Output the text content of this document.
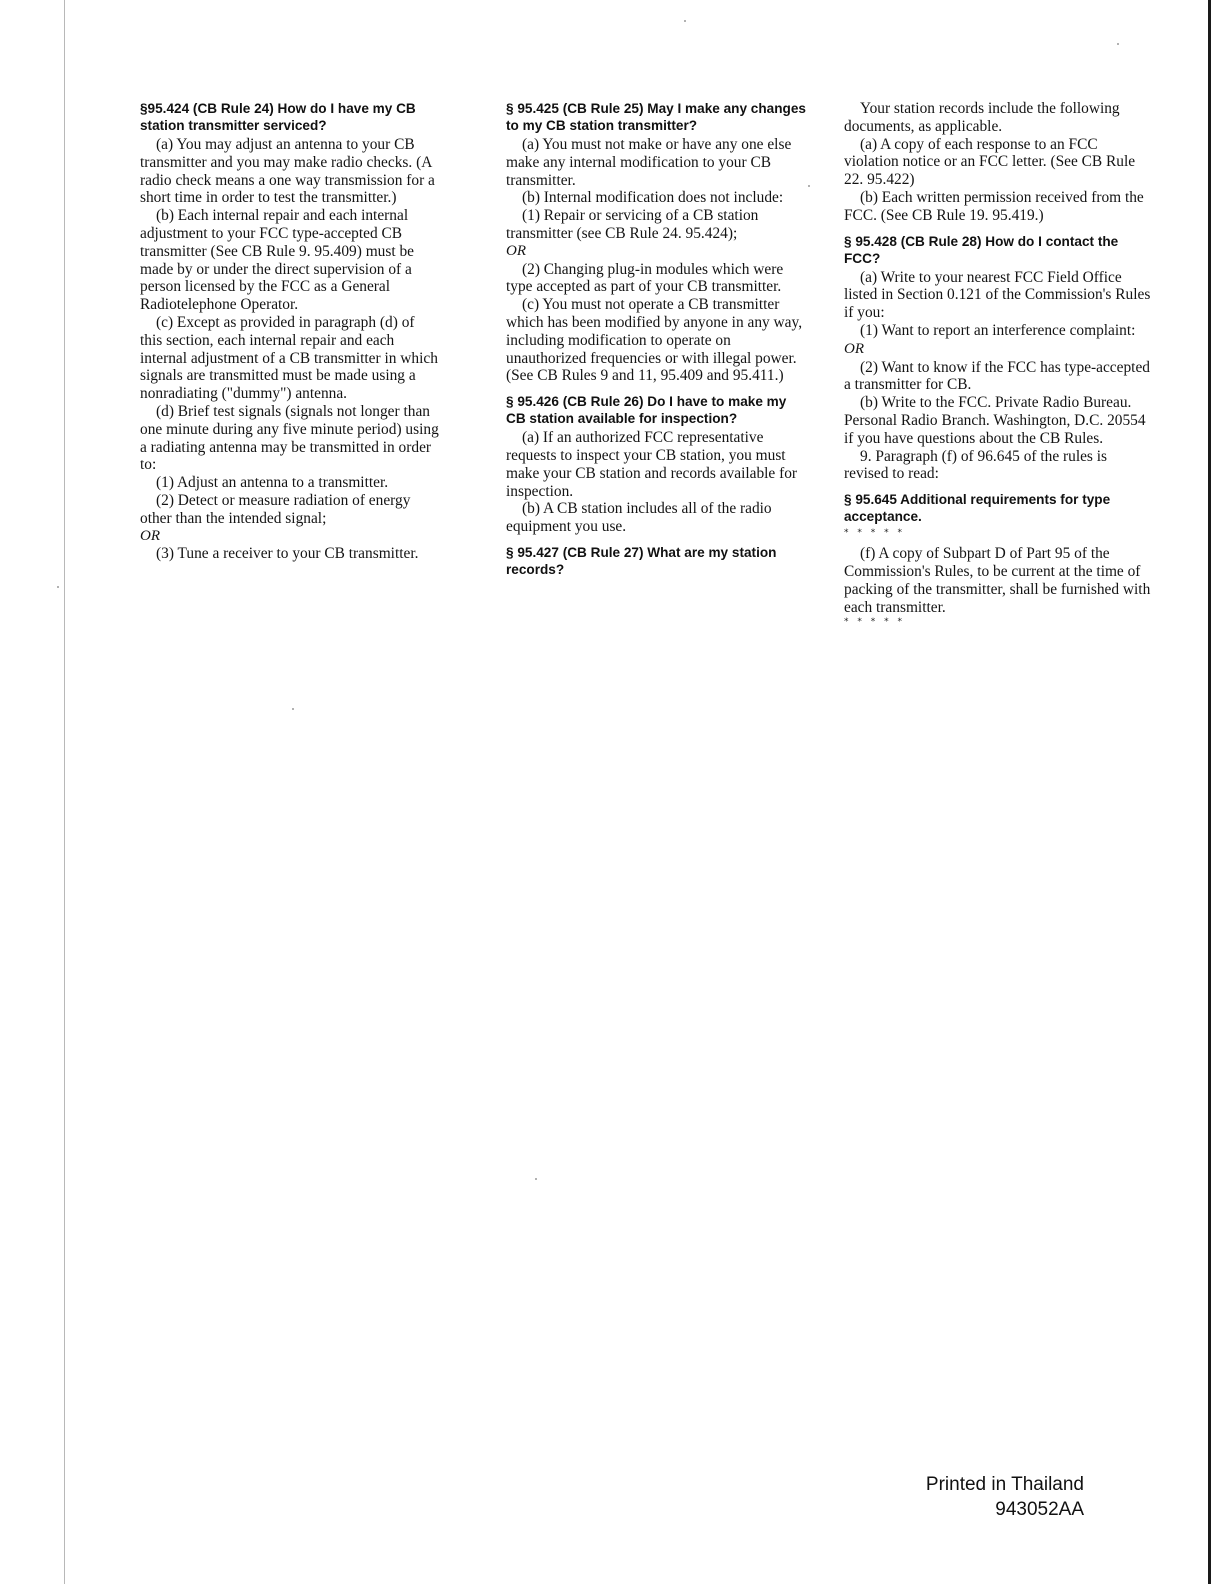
§95.424 (CB Rule 24) How do I have my CB station transmitter serviced?

(a) You may adjust an antenna to your CB transmitter and you may make radio checks. (A radio check means a one way transmission for a short time in order to test the transmitter.)

(b) Each internal repair and each internal adjustment to your FCC type-accepted CB transmitter (See CB Rule 9. 95.409) must be made by or under the direct supervision of a person licensed by the FCC as a General Radiotelephone Operator.

(c) Except as provided in paragraph (d) of this section, each internal repair and each internal adjustment of a CB transmitter in which signals are transmitted must be made using a nonradiating ("dummy") antenna.

(d) Brief test signals (signals not longer than one minute during any five minute period) using a radiating antenna may be transmitted in order to:

(1) Adjust an antenna to a transmitter.

(2) Detect or measure radiation of energy other than the intended signal;

OR

(3) Tune a receiver to your CB transmitter.

§ 95.425 (CB Rule 25) May I make any changes to my CB station transmitter?

(a) You must not make or have any one else make any internal modification to your CB transmitter.

(b) Internal modification does not include:

(1) Repair or servicing of a CB station transmitter (see CB Rule 24. 95.424);

OR

(2) Changing plug-in modules which were type accepted as part of your CB transmitter.

(c) You must not operate a CB transmitter which has been modified by anyone in any way, including modification to operate on unauthorized frequencies or with illegal power. (See CB Rules 9 and 11, 95.409 and 95.411.)

§ 95.426 (CB Rule 26) Do I have to make my CB station available for inspection?

(a) If an authorized FCC representative requests to inspect your CB station, you must make your CB station and records available for inspection.

(b) A CB station includes all of the radio equipment you use.

§ 95.427 (CB Rule 27) What are my station records?

Your station records include the following documents, as applicable.

(a) A copy of each response to an FCC violation notice or an FCC letter. (See CB Rule 22. 95.422)

(b) Each written permission received from the FCC. (See CB Rule 19. 95.419.)

§ 95.428 (CB Rule 28) How do I contact the FCC?

(a) Write to your nearest FCC Field Office listed in Section 0.121 of the Commission's Rules if you:

(1) Want to report an interference complaint: OR

(2) Want to know if the FCC has type-accepted a transmitter for CB.

(b) Write to the FCC. Private Radio Bureau. Personal Radio Branch. Washington, D.C. 20554 if you have questions about the CB Rules.

9. Paragraph (f) of 96.645 of the rules is revised to read:

§ 95.645 Additional requirements for type acceptance.
* * * * *

(f) A copy of Subpart D of Part 95 of the Commission's Rules, to be current at the time of packing of the transmitter, shall be furnished with each transmitter.

* * * * *
Printed in Thailand
943052AA
